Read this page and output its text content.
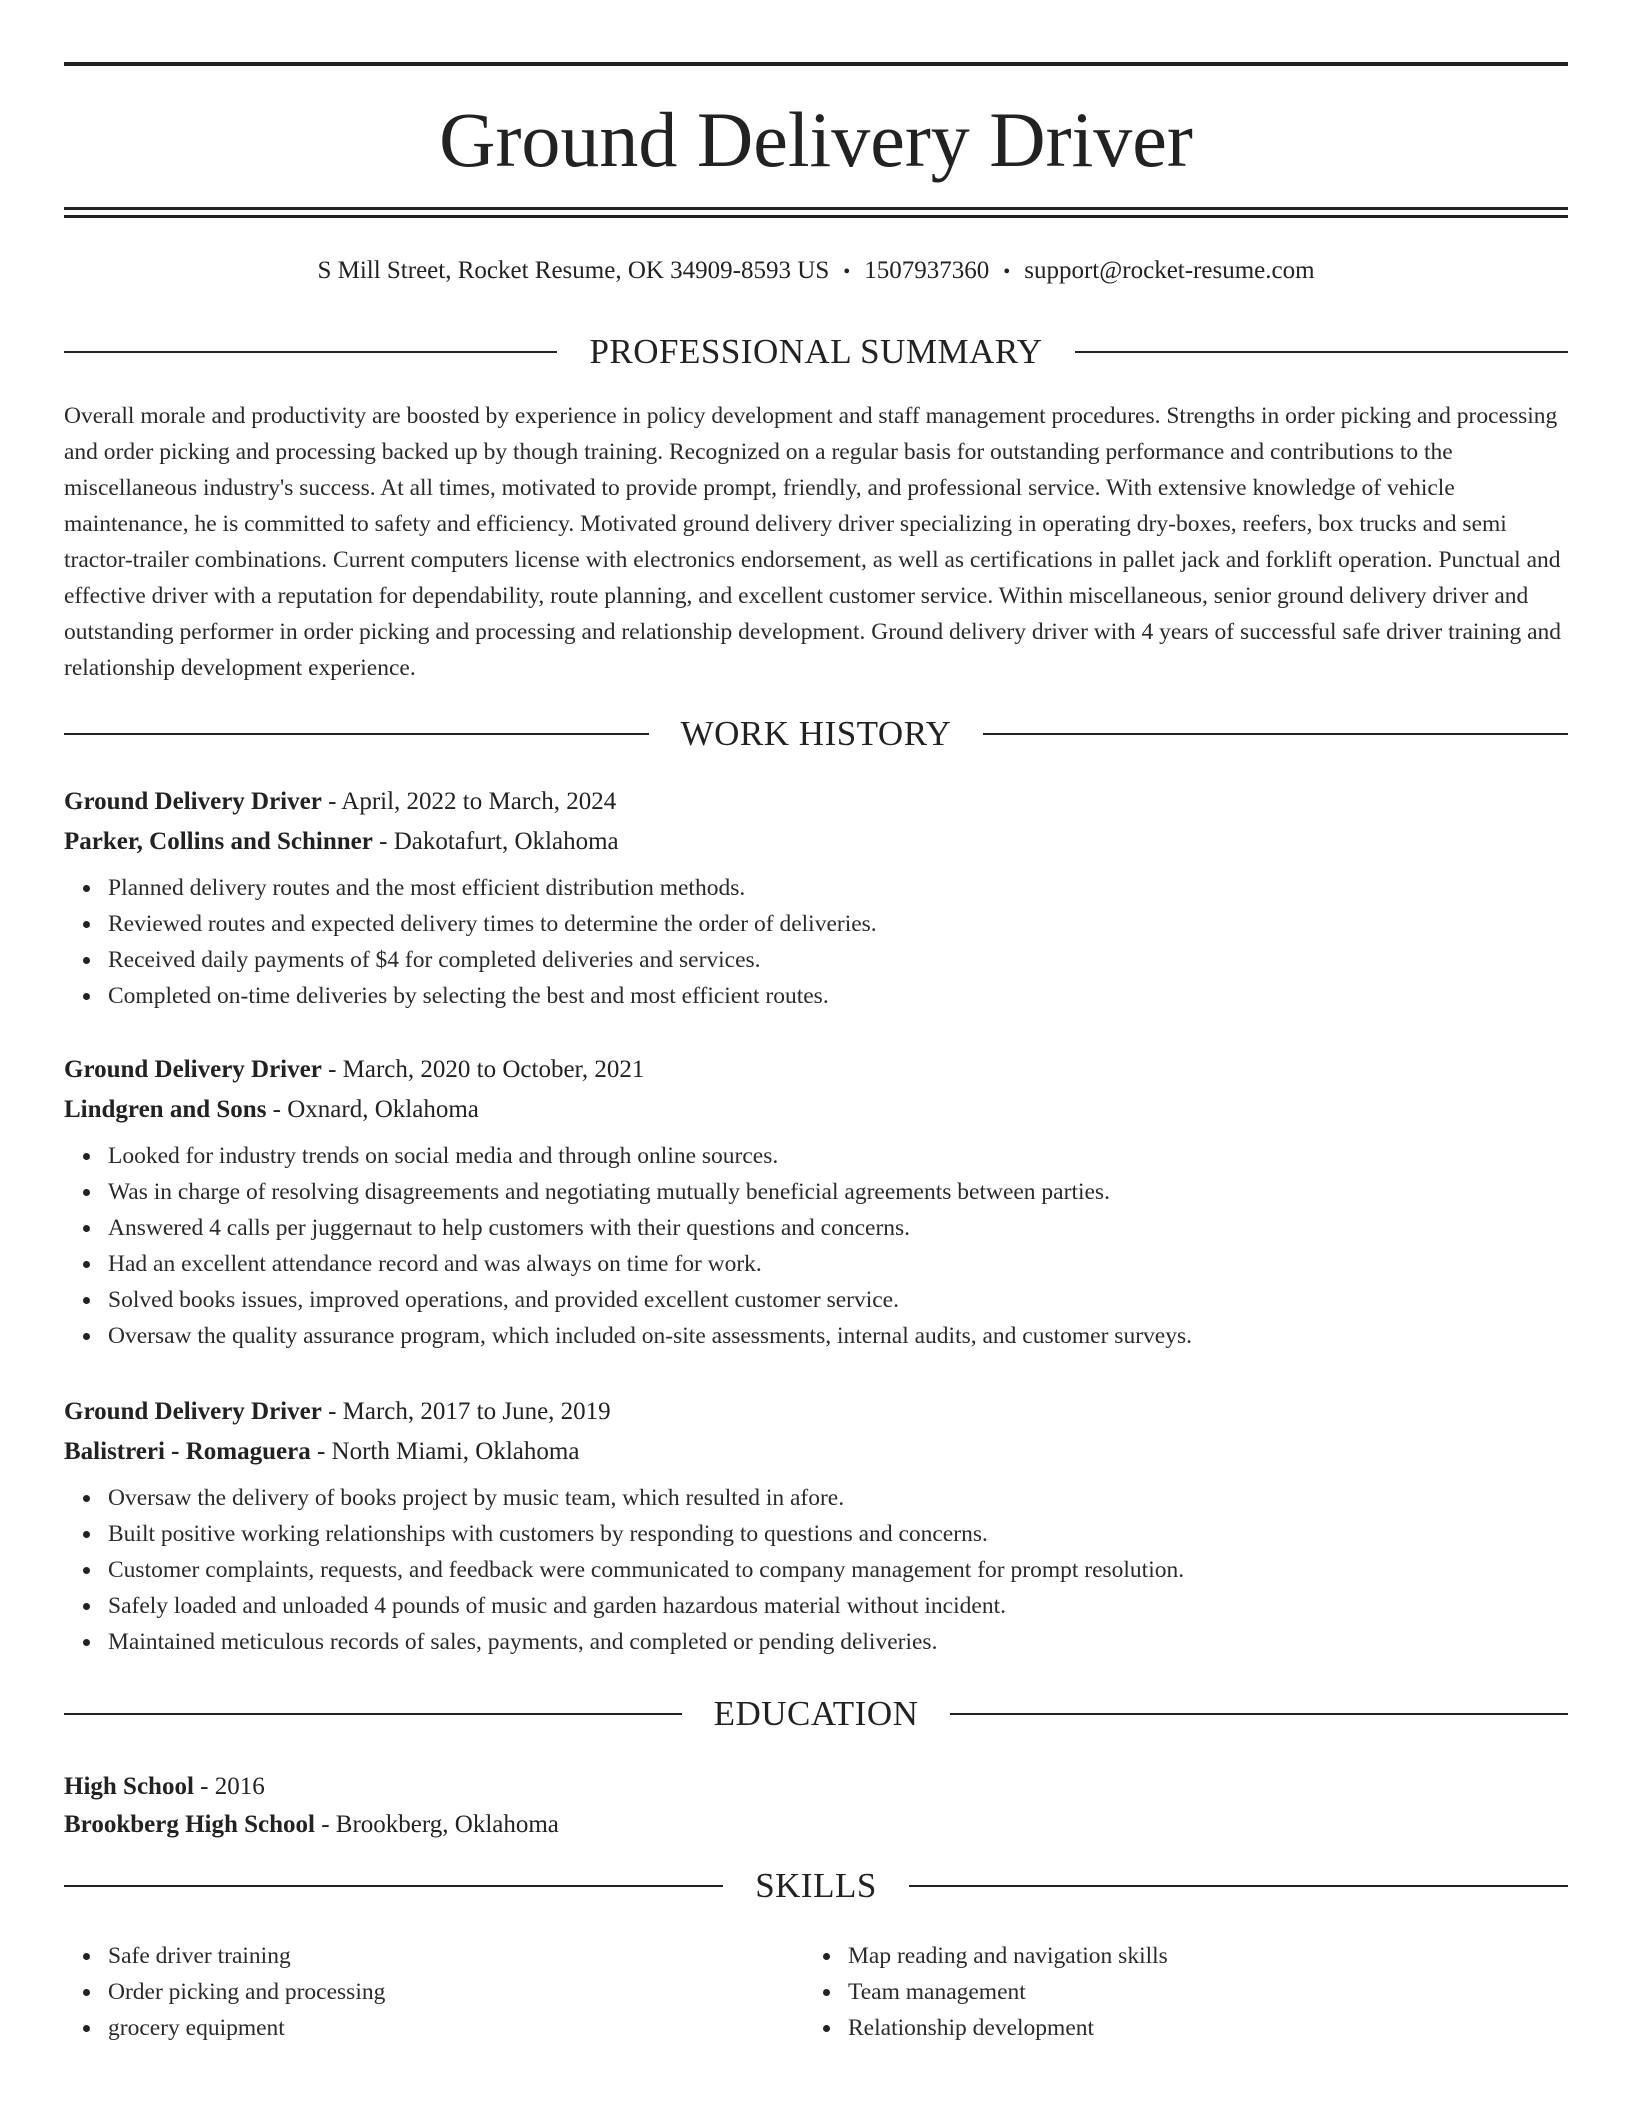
Ground Delivery Driver
S Mill Street, Rocket Resume, OK 34909-8593 US • 1507937360 • support@rocket-resume.com
PROFESSIONAL SUMMARY

Overall morale and productivity are boosted by experience in policy development and staff management procedures. Strengths in order picking and processing and order picking and processing backed up by though training. Recognized on a regular basis for outstanding performance and contributions to the miscellaneous industry's success. At all times, motivated to provide prompt, friendly, and professional service. With extensive knowledge of vehicle maintenance, he is committed to safety and efficiency. Motivated ground delivery driver specializing in operating dry-boxes, reefers, box trucks and semi tractor-trailer combinations. Current computers license with electronics endorsement, as well as certifications in pallet jack and forklift operation. Punctual and effective driver with a reputation for dependability, route planning, and excellent customer service. Within miscellaneous, senior ground delivery driver and outstanding performer in order picking and processing and relationship development. Ground delivery driver with 4 years of successful safe driver training and relationship development experience.

WORK HISTORY
Ground Delivery Driver - April, 2022 to March, 2024
Parker, Collins and Schinner - Dakotafurt, Oklahoma
Planned delivery routes and the most efficient distribution methods.
Reviewed routes and expected delivery times to determine the order of deliveries.
Received daily payments of $4 for completed deliveries and services.
Completed on-time deliveries by selecting the best and most efficient routes.
Ground Delivery Driver - March, 2020 to October, 2021
Lindgren and Sons - Oxnard, Oklahoma
Looked for industry trends on social media and through online sources.
Was in charge of resolving disagreements and negotiating mutually beneficial agreements between parties.
Answered 4 calls per juggernaut to help customers with their questions and concerns.
Had an excellent attendance record and was always on time for work.
Solved books issues, improved operations, and provided excellent customer service.
Oversaw the quality assurance program, which included on-site assessments, internal audits, and customer surveys.
Ground Delivery Driver - March, 2017 to June, 2019
Balistreri - Romaguera - North Miami, Oklahoma
Oversaw the delivery of books project by music team, which resulted in afore.
Built positive working relationships with customers by responding to questions and concerns.
Customer complaints, requests, and feedback were communicated to company management for prompt resolution.
Safely loaded and unloaded 4 pounds of music and garden hazardous material without incident.
Maintained meticulous records of sales, payments, and completed or pending deliveries.
EDUCATION
High School - 2016
Brookberg High School - Brookberg, Oklahoma
SKILLS
Safe driver training
Order picking and processing
grocery equipment
Map reading and navigation skills
Team management
Relationship development
